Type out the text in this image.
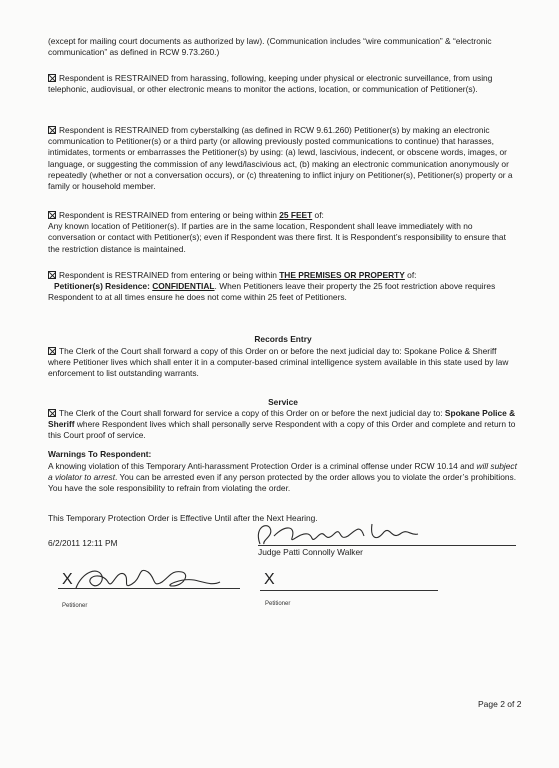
(except for mailing court documents as authorized by law). (Communication includes “wire communication” & “electronic communication” as defined in RCW 9.73.260.)
Respondent is RESTRAINED from harassing, following, keeping under physical or electronic surveillance, from using telephonic, audiovisual, or other electronic means to monitor the actions, location, or communication of Petitioner(s).
Respondent is RESTRAINED from cyberstalking (as defined in RCW 9.61.260) Petitioner(s) by making an electronic communication to Petitioner(s) or a third party (or allowing previously posted communications to continue) that harasses, intimidates, torments or embarrasses the Petitioner(s) by using: (a) lewd, lascivious, indecent, or obscene words, images, or language, or suggesting the commission of any lewd/lascivious act, (b) making an electronic communication anonymously or repeatedly (whether or not a conversation occurs), or (c) threatening to inflict injury on Petitioner(s), Petitioner(s) property or a family or household member.
Respondent is RESTRAINED from entering or being within 25 FEET of:
Any known location of Petitioner(s). If parties are in the same location, Respondent shall leave immediately with no conversation or contact with Petitioner(s); even if Respondent was there first. It is Respondent’s responsibility to ensure that the restriction distance is maintained.
Respondent is RESTRAINED from entering or being within THE PREMISES OR PROPERTY of:
Petitioner(s) Residence: CONFIDENTIAL. When Petitioners leave their property the 25 foot restriction above requires Respondent to at all times ensure he does not come within 25 feet of Petitioners.
Records Entry
The Clerk of the Court shall forward a copy of this Order on or before the next judicial day to: Spokane Police & Sheriff where Petitioner lives which shall enter it in a computer-based criminal intelligence system available in this state used by law enforcement to list outstanding warrants.
Service
The Clerk of the Court shall forward for service a copy of this Order on or before the next judicial day to: Spokane Police & Sheriff where Respondent lives which shall personally serve Respondent with a copy of this Order and complete and return to this Court proof of service.
Warnings To Respondent:
A knowing violation of this Temporary Anti-harassment Protection Order is a criminal offense under RCW 10.14 and will subject a violator to arrest. You can be arrested even if any person protected by the order allows you to violate the order’s prohibitions. You have the sole responsibility to refrain from violating the order.
This Temporary Protection Order is Effective Until after the Next Hearing.
6/2/2011 12:11 PM
Judge Patti Connolly Walker
X
Petitioner
X
Petitioner
Page 2 of 2
